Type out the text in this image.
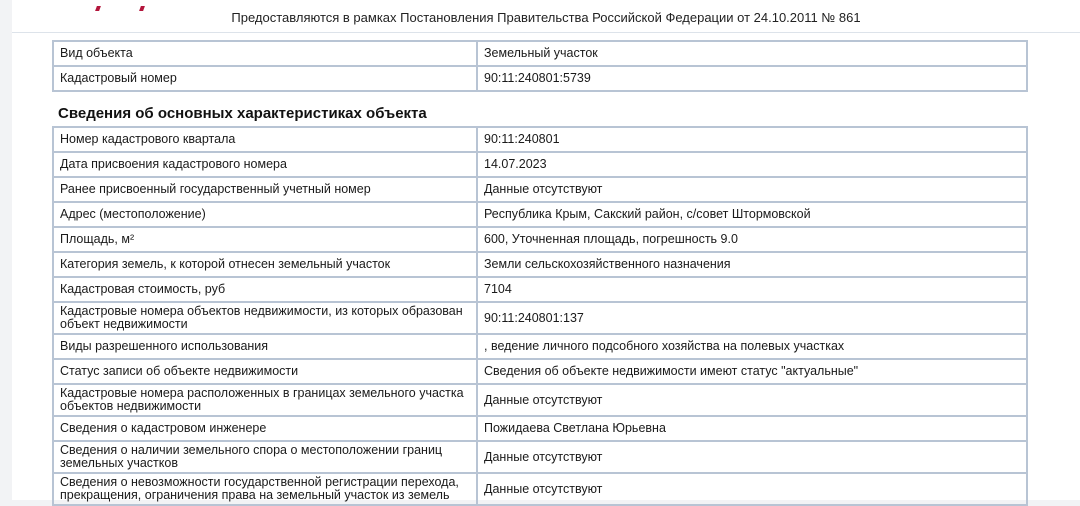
Предоставляются в рамках Постановления Правительства Российской Федерации от 24.10.2011 № 861
Вид объекта	Земельный участок
Кадастровый номер	90:11:240801:5739
Сведения об основных характеристиках объекта
Номер кадастрового квартала	90:11:240801
Дата присвоения кадастрового номера	14.07.2023
Ранее присвоенный государственный учетный номер	Данные отсутствуют
Адрес (местоположение)	Республика Крым, Сакский район, с/совет Штормовской
Площадь, м²	600, Уточненная площадь, погрешность 9.0
Категория земель, к которой отнесен земельный участок	Земли сельскохозяйственного назначения
Кадастровая стоимость, руб	7104
Кадастровые номера объектов недвижимости, из которых образован объект недвижимости	90:11:240801:137
Виды разрешенного использования	, ведение личного подсобного хозяйства на полевых участках
Статус записи об объекте недвижимости	Сведения об объекте недвижимости имеют статус "актуальные"
Кадастровые номера расположенных в границах земельного участка объектов недвижимости	Данные отсутствуют
Сведения о кадастровом инженере	Пожидаева Светлана Юрьевна
Сведения о наличии земельного спора о местоположении границ земельных участков	Данные отсутствуют
Сведения о невозможности государственной регистрации перехода, прекращения, ограничения права на земельный участок из земель	Данные отсутствуют
